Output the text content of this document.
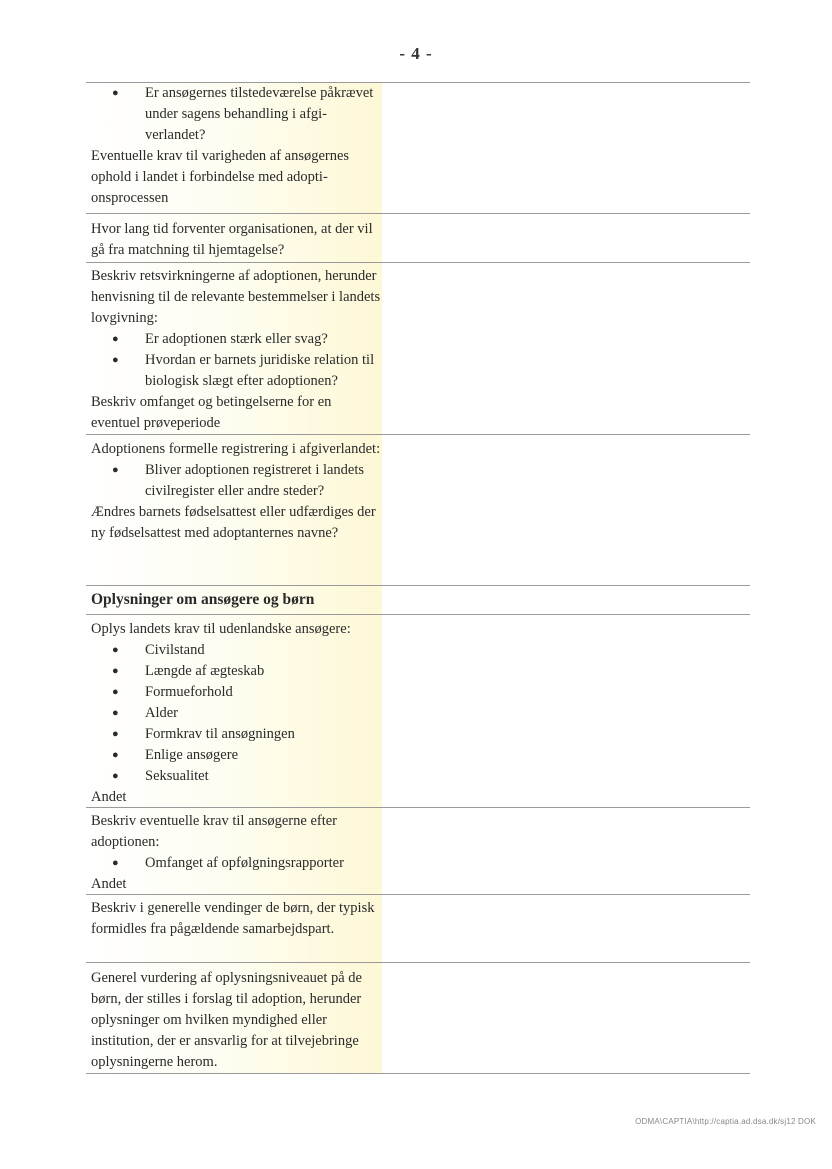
- 4 -
●	Er ansøgernes tilstedeværelse påkrævet under sagens behandling i afgiverlandet?
Eventuelle krav til varigheden af ansøgernes ophold i landet i forbindelse med adoptionsprocessen
Hvor lang tid forventer organisationen, at der vil gå fra matchning til hjemtagelse?
Beskriv retsvirkningerne af adoptionen, herunder henvisning til de relevante bestemmelser i landets lovgivning:
●	Er adoptionen stærk eller svag?
●	Hvordan er barnets juridiske relation til biologisk slægt efter adoptionen?
Beskriv omfanget og betingelserne for en eventuel prøveperiode
Adoptionens formelle registrering i afgiverlandet:
●	Bliver adoptionen registreret i landets civilregister eller andre steder?
Ændres barnets fødselsattest eller udfærdiges der ny fødselsattest med adoptanternes navne?
Oplysninger om ansøgere og børn
Oplys landets krav til udenlandske ansøgere:
●	Civilstand
●	Længde af ægteskab
●	Formueforhold
●	Alder
●	Formkrav til ansøgningen
●	Enlige ansøgere
●	Seksualitet
Andet
Beskriv eventuelle krav til ansøgerne efter adoptionen:
●	Omfanget af opfølgningsrapporter
Andet
Beskriv i generelle vendinger de børn, der typisk formidles fra pågældende samarbejdspart.
Generel vurdering af oplysningsniveauet på de børn, der stilles i forslag til adoption, herunder oplysninger om hvilken myndighed eller institution, der er ansvarlig for at tilvejebringe oplysningerne herom.
ODMA\CAPTIA\http://captia.ad.dsa.dk/sj12 DOK
